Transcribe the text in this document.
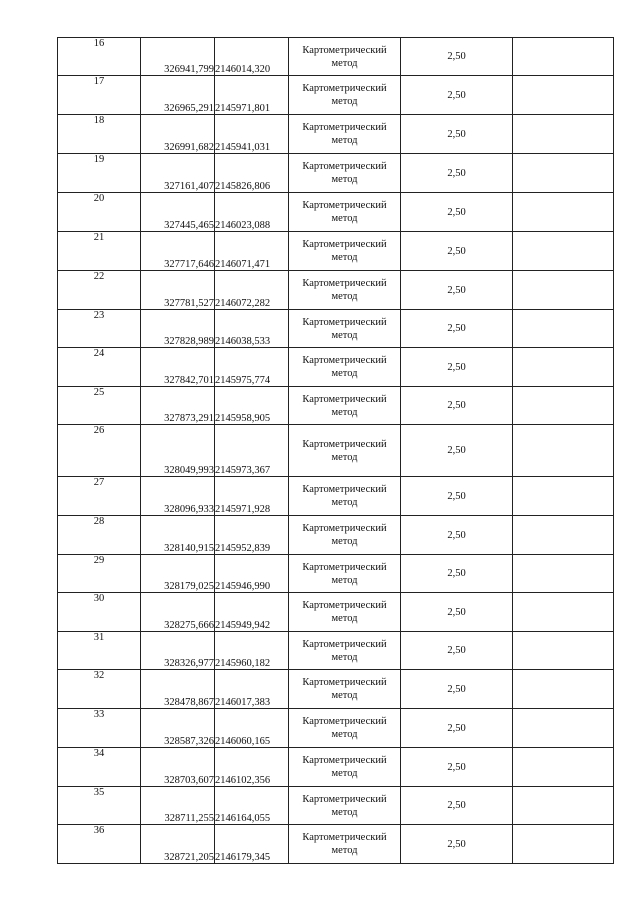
16	326941,799	2146014,320	Картометрический
метод	2,50	
17	326965,291	2145971,801	Картометрический
метод	2,50	
18	326991,682	2145941,031	Картометрический
метод	2,50	
19	327161,407	2145826,806	Картометрический
метод	2,50	
20	327445,465	2146023,088	Картометрический
метод	2,50	
21	327717,646	2146071,471	Картометрический
метод	2,50	
22	327781,527	2146072,282	Картометрический
метод	2,50	
23	327828,989	2146038,533	Картометрический
метод	2,50	
24	327842,701	2145975,774	Картометрический
метод	2,50	
25	327873,291	2145958,905	Картометрический
метод	2,50	
26	328049,993	2145973,367	Картометрический
метод	2,50	
27	328096,933	2145971,928	Картометрический
метод	2,50	
28	328140,915	2145952,839	Картометрический
метод	2,50	
29	328179,025	2145946,990	Картометрический
метод	2,50	
30	328275,666	2145949,942	Картометрический
метод	2,50	
31	328326,977	2145960,182	Картометрический
метод	2,50	
32	328478,867	2146017,383	Картометрический
метод	2,50	
33	328587,326	2146060,165	Картометрический
метод	2,50	
34	328703,607	2146102,356	Картометрический
метод	2,50	
35	328711,255	2146164,055	Картометрический
метод	2,50	
36	328721,205	2146179,345	Картометрический
метод	2,50	
